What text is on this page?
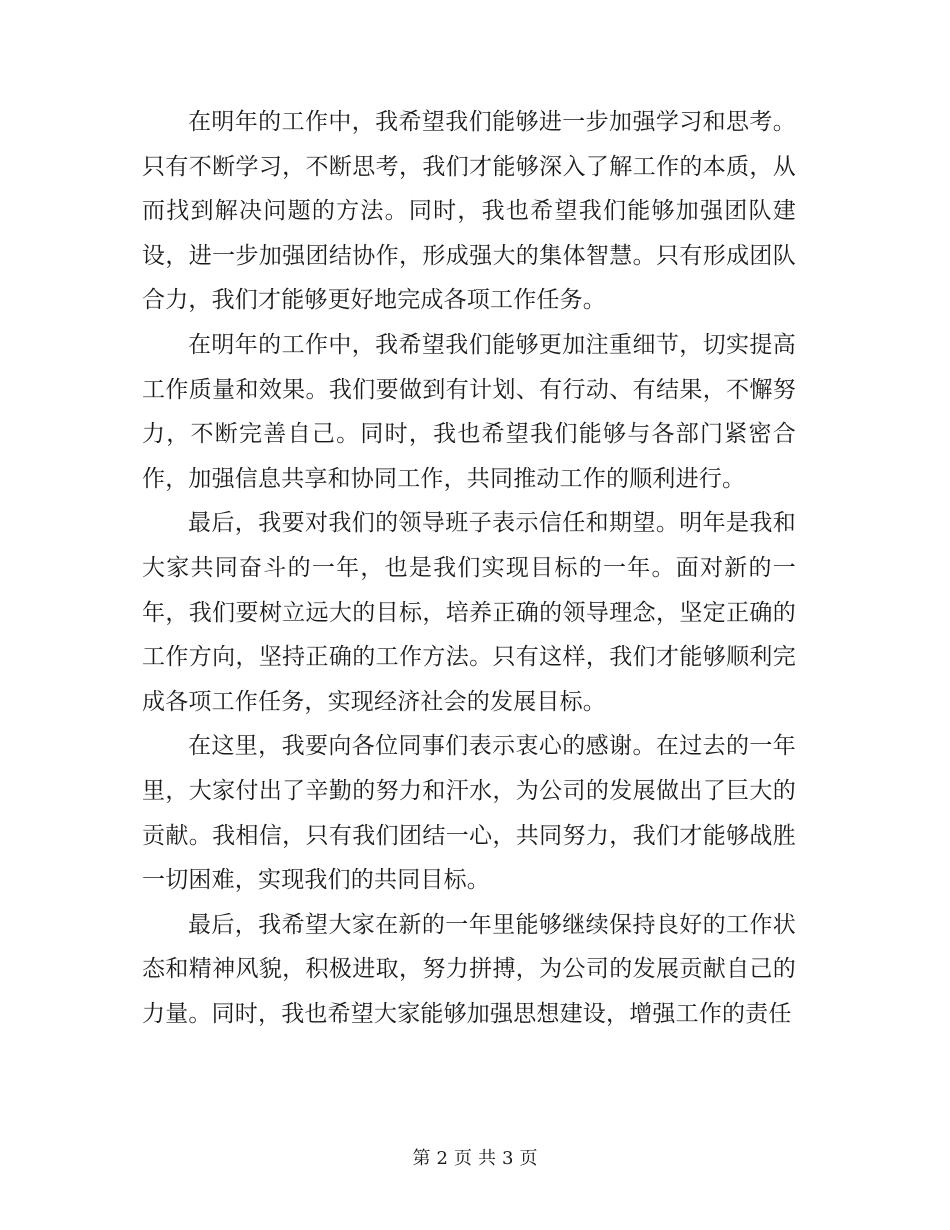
在明年的工作中，我希望我们能够进一步加强学习和思考。只有不断学习，不断思考，我们才能够深入了解工作的本质，从而找到解决问题的方法。同时，我也希望我们能够加强团队建设，进一步加强团结协作，形成强大的集体智慧。只有形成团队合力，我们才能够更好地完成各项工作任务。

在明年的工作中，我希望我们能够更加注重细节，切实提高工作质量和效果。我们要做到有计划、有行动、有结果，不懈努力，不断完善自己。同时，我也希望我们能够与各部门紧密合作，加强信息共享和协同工作，共同推动工作的顺利进行。

最后，我要对我们的领导班子表示信任和期望。明年是我和大家共同奋斗的一年，也是我们实现目标的一年。面对新的一年，我们要树立远大的目标，培养正确的领导理念，坚定正确的工作方向，坚持正确的工作方法。只有这样，我们才能够顺利完成各项工作任务，实现经济社会的发展目标。

在这里，我要向各位同事们表示衷心的感谢。在过去的一年里，大家付出了辛勤的努力和汗水，为公司的发展做出了巨大的贡献。我相信，只有我们团结一心，共同努力，我们才能够战胜一切困难，实现我们的共同目标。

最后，我希望大家在新的一年里能够继续保持良好的工作状态和精神风貌，积极进取，努力拼搏，为公司的发展贡献自己的力量。同时，我也希望大家能够加强思想建设，增强工作的责任

第 2 页 共 3 页
